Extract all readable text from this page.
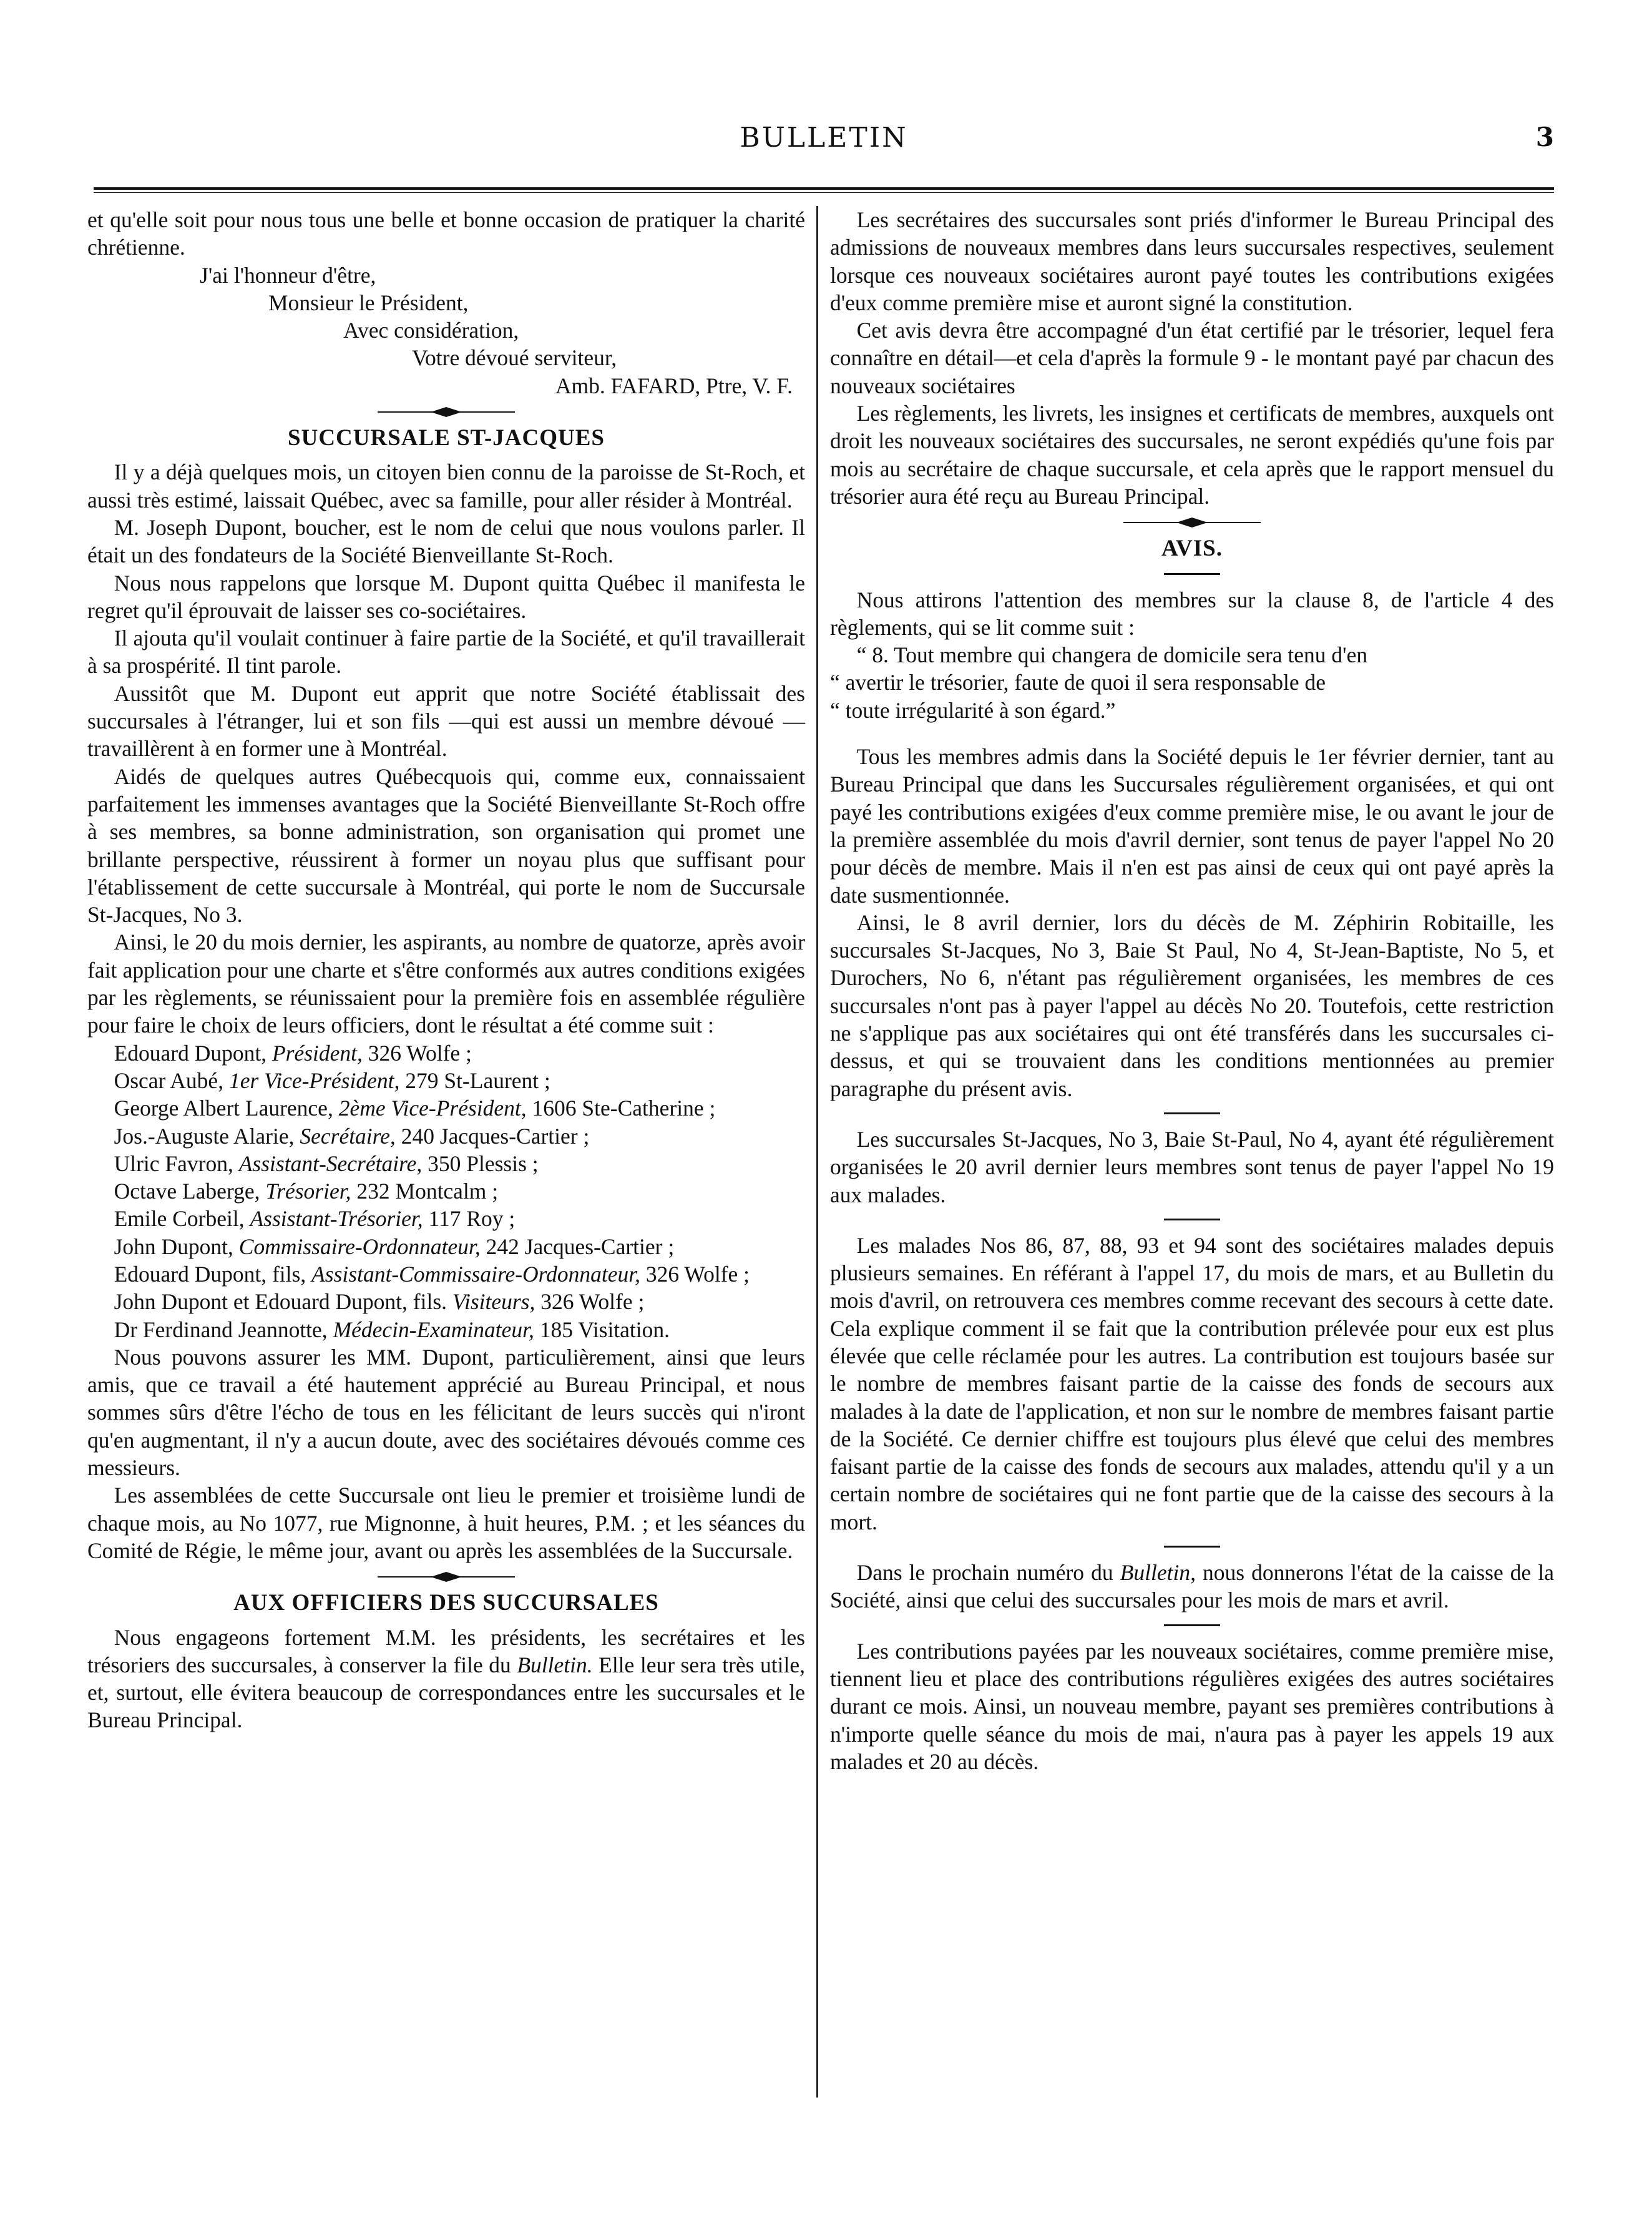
BULLETIN	3

et qu'elle soit pour nous tous une belle et bonne occasion de pratiquer la charité chrétienne.

J'ai l'honneur d'être,

Monsieur le Président,

Avec considération,

Votre dévoué serviteur,

Amb. FAFARD, Ptre, V. F.

SUCCURSALE ST-JACQUES

Il y a déjà quelques mois, un citoyen bien connu de la paroisse de St-Roch, et aussi très estimé, laissait Québec, avec sa famille, pour aller résider à Montréal.

M. Joseph Dupont, boucher, est le nom de celui que nous voulons parler. Il était un des fondateurs de la Société Bienveillante St-Roch.

Nous nous rappelons que lorsque M. Dupont quitta Québec il manifesta le regret qu'il éprouvait de laisser ses co-sociétaires.

Il ajouta qu'il voulait continuer à faire partie de la Société, et qu'il travaillerait à sa prospérité. Il tint parole.

Aussitôt que M. Dupont eut apprit que notre Société établissait des succursales à l'étranger, lui et son fils —qui est aussi un membre dévoué —travaillèrent à en former une à Montréal.

Aidés de quelques autres Québecquois qui, comme eux, connaissaient parfaitement les immenses avantages que la Société Bienveillante St-Roch offre à ses membres, sa bonne administration, son organisation qui promet une brillante perspective, réussirent à former un noyau plus que suffisant pour l'établissement de cette succursale à Montréal, qui porte le nom de Succursale St-Jacques, No 3.

Ainsi, le 20 du mois dernier, les aspirants, au nombre de quatorze, après avoir fait application pour une charte et s'être conformés aux autres conditions exigées par les règlements, se réunissaient pour la première fois en assemblée régulière pour faire le choix de leurs officiers, dont le résultat a été comme suit :

Edouard Dupont, Président, 326 Wolfe ;

Oscar Aubé, 1er Vice-Président, 279 St-Laurent ;

George Albert Laurence, 2ème Vice-Président, 1606 Ste-Catherine ;

Jos.-Auguste Alarie, Secrétaire, 240 Jacques-Cartier ;

Ulric Favron, Assistant-Secrétaire, 350 Plessis ;

Octave Laberge, Trésorier, 232 Montcalm ;

Emile Corbeil, Assistant-Trésorier, 117 Roy ;

John Dupont, Commissaire-Ordonnateur, 242 Jacques-Cartier ;

Edouard Dupont, fils, Assistant-Commissaire-Ordonnateur, 326 Wolfe ;

John Dupont et Edouard Dupont, fils. Visiteurs, 326 Wolfe ;

Dr Ferdinand Jeannotte, Médecin-Examinateur, 185 Visitation.

Nous pouvons assurer les MM. Dupont, particulièrement, ainsi que leurs amis, que ce travail a été hautement apprécié au Bureau Principal, et nous sommes sûrs d'être l'écho de tous en les félicitant de leurs succès qui n'iront qu'en augmentant, il n'y a aucun doute, avec des sociétaires dévoués comme ces messieurs.

Les assemblées de cette Succursale ont lieu le premier et troisième lundi de chaque mois, au No 1077, rue Mignonne, à huit heures, P.M. ; et les séances du Comité de Régie, le même jour, avant ou après les assemblées de la Succursale.

AUX OFFICIERS DES SUCCURSALES

Nous engageons fortement M.M. les présidents, les secrétaires et les trésoriers des succursales, à conserver la file du Bulletin. Elle leur sera très utile, et, surtout, elle évitera beaucoup de correspondances entre les succursales et le Bureau Principal.

Les secrétaires des succursales sont priés d'informer le Bureau Principal des admissions de nouveaux membres dans leurs succursales respectives, seulement lorsque ces nouveaux sociétaires auront payé toutes les contributions exigées d'eux comme première mise et auront signé la constitution.

Cet avis devra être accompagné d'un état certifié par le trésorier, lequel fera connaître en détail—et cela d'après la formule 9 - le montant payé par chacun des nouveaux sociétaires

Les règlements, les livrets, les insignes et certificats de membres, auxquels ont droit les nouveaux sociétaires des succursales, ne seront expédiés qu'une fois par mois au secrétaire de chaque succursale, et cela après que le rapport mensuel du trésorier aura été reçu au Bureau Principal.

AVIS.

Nous attirons l'attention des membres sur la clause 8, de l'article 4 des règlements, qui se lit comme suit :

“ 8. Tout membre qui changera de domicile sera tenu d'en

“ avertir le trésorier, faute de quoi il sera responsable de

“ toute irrégularité à son égard.”

Tous les membres admis dans la Société depuis le 1er février dernier, tant au Bureau Principal que dans les Succursales régulièrement organisées, et qui ont payé les contributions exigées d'eux comme première mise, le ou avant le jour de la première assemblée du mois d'avril dernier, sont tenus de payer l'appel No 20 pour décès de membre. Mais il n'en est pas ainsi de ceux qui ont payé après la date susmentionnée.

Ainsi, le 8 avril dernier, lors du décès de M. Zéphirin Robitaille, les succursales St-Jacques, No 3, Baie St Paul, No 4, St-Jean-Baptiste, No 5, et Durochers, No 6, n'étant pas régulièrement organisées, les membres de ces succursales n'ont pas à payer l'appel au décès No 20. Toutefois, cette restriction ne s'applique pas aux sociétaires qui ont été transférés dans les succursales ci-dessus, et qui se trouvaient dans les conditions mentionnées au premier paragraphe du présent avis.

Les succursales St-Jacques, No 3, Baie St-Paul, No 4, ayant été régulièrement organisées le 20 avril dernier leurs membres sont tenus de payer l'appel No 19 aux malades.

Les malades Nos 86, 87, 88, 93 et 94 sont des sociétaires malades depuis plusieurs semaines. En référant à l'appel 17, du mois de mars, et au Bulletin du mois d'avril, on retrouvera ces membres comme recevant des secours à cette date. Cela explique comment il se fait que la contribution prélevée pour eux est plus élevée que celle réclamée pour les autres. La contribution est toujours basée sur le nombre de membres faisant partie de la caisse des fonds de secours aux malades à la date de l'application, et non sur le nombre de membres faisant partie de la Société. Ce dernier chiffre est toujours plus élevé que celui des membres faisant partie de la caisse des fonds de secours aux malades, attendu qu'il y a un certain nombre de sociétaires qui ne font partie que de la caisse des secours à la mort.

Dans le prochain numéro du Bulletin, nous donnerons l'état de la caisse de la Société, ainsi que celui des succursales pour les mois de mars et avril.

Les contributions payées par les nouveaux sociétaires, comme première mise, tiennent lieu et place des contributions régulières exigées des autres sociétaires durant ce mois. Ainsi, un nouveau membre, payant ses premières contributions à n'importe quelle séance du mois de mai, n'aura pas à payer les appels 19 aux malades et 20 au décès.
